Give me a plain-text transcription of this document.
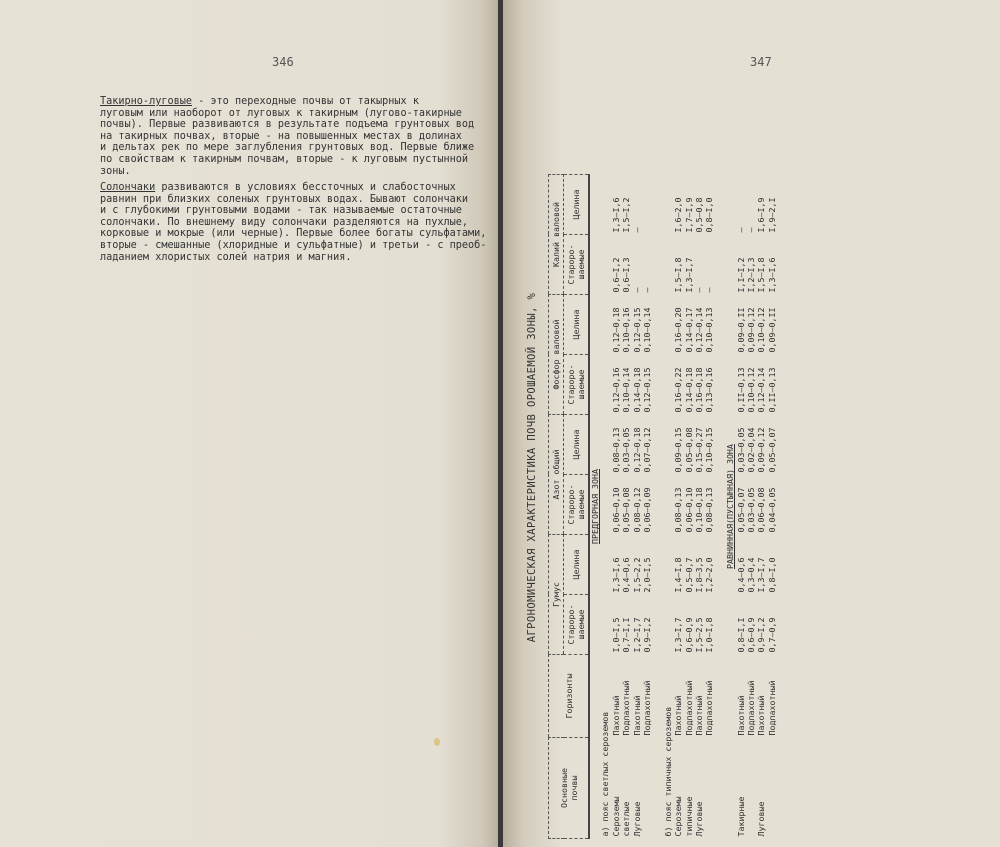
346
Такирно-луговые - это переходные почвы от такырных к
луговым или наоборот от луговых к такирным (лугово-такирные
почвы). Первые развиваются в результате подъема грунтовых вод
на такирных почвах, вторые - на повышенных местах в долинах
и дельтах рек по мере заглубления грунтовых вод. Первые ближе
по свойствам к такирным почвам, вторые - к луговым пустынной
зоны.
Солончаки развиваются в условиях бессточных и слабосточных
равнин при близких соленых грунтовых водах. Бывают солончаки
и с глубокими грунтовыми водами - так называемые остаточные
солончаки. По внешнему виду солончаки разделяются на пухлые,
корковые и мокрые (или черные). Первые более богаты сульфатами,
вторые - смешанные (хлоридные и сульфатные) и третьи - с преоб-
ладанием хлористых солей натрия и магния.
347
АГРОНОМИЧЕСКАЯ ХАРАКТЕРИСТИКА ПОЧВ ОРОШАЕМОЙ ЗОНЫ, %
Основные
почвы	Горизонты	Гумус		Азот общий		Фосфор валовой		Калий валовой	
		Староро-
шаемые	Целина	Староро-
шаемые	Целина	Староро-
шаемые	Целина	Староро-
шаемые	Целина
ПРЕДГОРНАЯ ЗОНА									
а) пояс светлых сероземов									
Сероземы	Пахотный	I,0–I,5	I,3–I,6	0,06–0,10	0,08–0,13	0,12–0,16	0,12–0,18	0,6–I,2	I,3–I,6
светлые	Подпахотный	0,7–I,I	0,4–0,6	0,05–0,08	0,03–0,05	0,10–0,14	0,10–0,16	0,6–I,3	I,5–I,2
Луговые	Пахотный	I,2–I,7	I,5–2,2	0,08–0,12	0,12–0,18	0,14–0,18	0,12–0,15	–	–
	Подпахотный	0,9–I,2	2,0–I,5	0,06–0,09	0,07–0,12	0,12–0,15	0,10–0,14	–	

б) пояс типичных сероземов									
Сероземы	Пахотный	I,3–I,7	I,4–I,8	0,08–0,13	0,09–0,15	0,16–0,22	0,16–0,20	I,5–I,8	I,6–2,0
типичные	Подпахотный	0,6–0,9	0,5–0,7	0,06–0,10	0,05–0,08	0,14–0,18	0,14–0,17	I,3–I,7	I,7–I,9
Луговые	Пахотный	I,5–2,5	I,8–3,5	0,10–0,18	0,15–0,27	0,16–0,18	0,12–0,14	–	0,5–0,8
	Подпахотный	I,0–I,8	I,2–2,0	0,08–0,13	0,10–0,15	0,13–0,16	0,10–0,13	–	0,8–I,0

РАВНИННАЯ(ПУСТЫННАЯ) ЗОНА									
Такирные	Пахотный	0,8–I,I	0,4–0,6	0,05–0,07	0,03–0,05	0,II–0,13	0,09–0,II	I,I–I,2	–
	Подпахотный	0,6–0,9	0,3–0,4	0,03–0,05	0,02–0,04	0,10–0,12	0,09–0,12	I,2–I,3	–
Луговые	Пахотный	0,9–I,2	I,3–I,7	0,06–0,08	0,09–0,12	0,12–0,14	0,10–0,12	I,5–I,8	I,6–I,9
	Подпахотный	0,7–0,9	0,8–I,0	0,04–0,05	0,05–0,07	0,II–0,13	0,09–0,II	I,3–I,6	I,9–2,I
